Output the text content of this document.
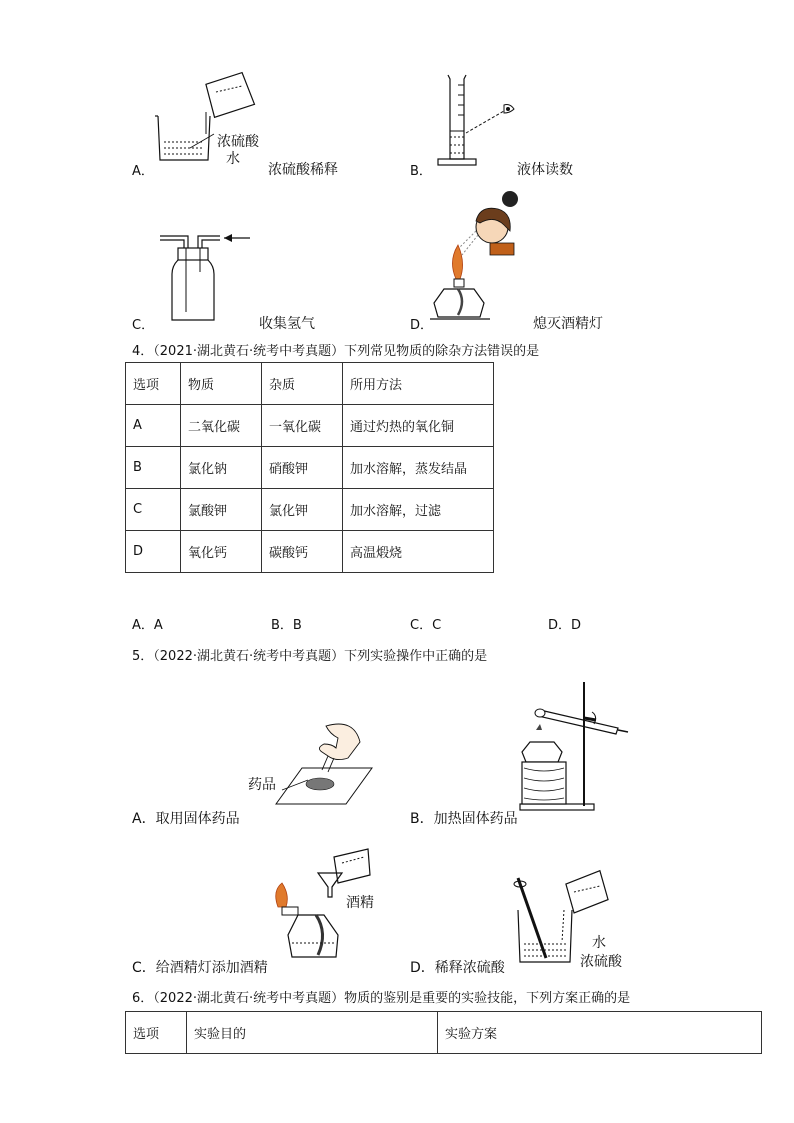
浓硫酸
水
A．	浓硫酸稀释	B．	液体读数
C．	收集氢气	D．	熄灭酒精灯
4．（2021·湖北黄石·统考中考真题）下列常见物质的除杂方法错误的是
选项	物质	杂质	所用方法
A	二氧化碳	一氧化碳	通过灼热的氧化铜
B	氯化钠	硝酸钾	加水溶解，蒸发结晶
C	氯酸钾	氯化钾	加水溶解，过滤
D	氧化钙	碳酸钙	高温煅烧
A．A	B．B	C．C	D．D
5．（2022·湖北黄石·统考中考真题）下列实验操作中正确的是
药品
A．取用固体药品	B．加热固体药品
酒精
C．给酒精灯添加酒精
水
浓硫酸
D．稀释浓硫酸
6．（2022·湖北黄石·统考中考真题）物质的鉴别是重要的实验技能，下列方案正确的是
选项	实验目的	实验方案
